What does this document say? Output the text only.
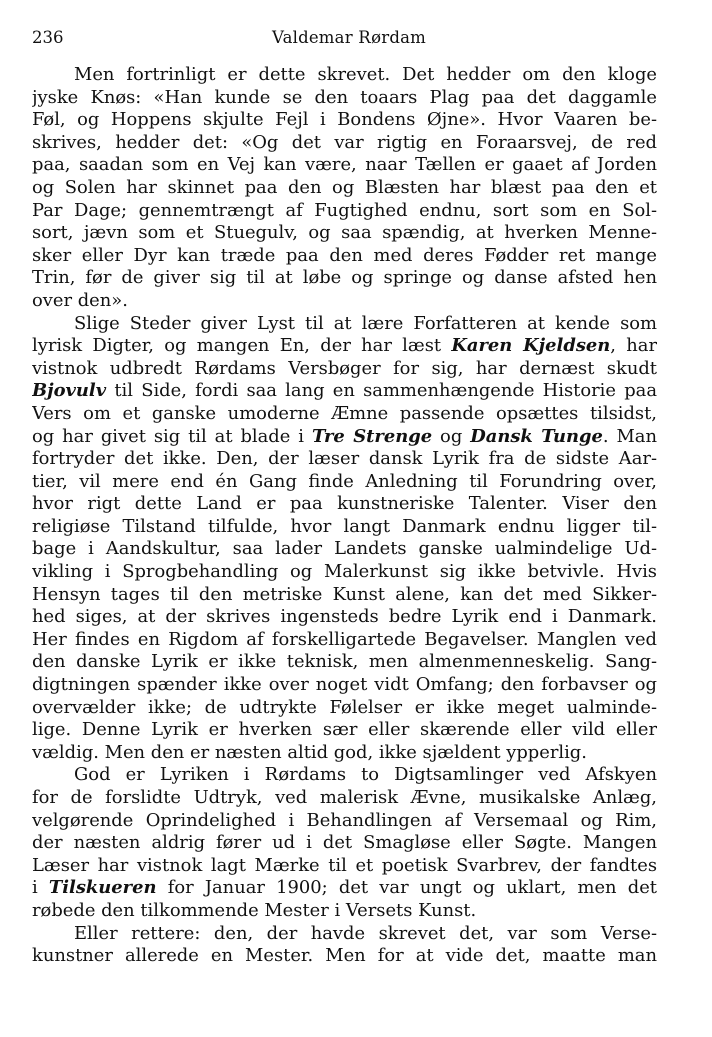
236	Valdemar Rørdam
Men fortrinligt er dette skrevet. Det hedder om den kloge
jyske Knøs: «Han kunde se den toaars Plag paa det daggamle
Føl, og Hoppens skjulte Fejl i Bondens Øjne». Hvor Vaaren be-
skrives, hedder det: «Og det var rigtig en Foraarsvej, de red
paa, saadan som en Vej kan være, naar Tællen er gaaet af Jorden
og Solen har skinnet paa den og Blæsten har blæst paa den et
Par Dage; gennemtrængt af Fugtighed endnu, sort som en Sol-
sort, jævn som et Stuegulv, og saa spændig, at hverken Menne-
sker eller Dyr kan træde paa den med deres Fødder ret mange
Trin, før de giver sig til at løbe og springe og danse afsted hen
over den».
Slige Steder giver Lyst til at lære Forfatteren at kende som
lyrisk Digter, og mangen En, der har læst Karen Kjeldsen, har
vistnok udbredt Rørdams Versbøger for sig, har dernæst skudt
Bjovulv til Side, fordi saa lang en sammenhængende Historie paa
Vers om et ganske umoderne Æmne passende opsættes tilsidst,
og har givet sig til at blade i Tre Strenge og Dansk Tunge. Man
fortryder det ikke. Den, der læser dansk Lyrik fra de sidste Aar-
tier, vil mere end én Gang finde Anledning til Forundring over,
hvor rigt dette Land er paa kunstneriske Talenter. Viser den
religiøse Tilstand tilfulde, hvor langt Danmark endnu ligger til-
bage i Aandskultur, saa lader Landets ganske ualmindelige Ud-
vikling i Sprogbehandling og Malerkunst sig ikke betvivle. Hvis
Hensyn tages til den metriske Kunst alene, kan det med Sikker-
hed siges, at der skrives ingensteds bedre Lyrik end i Danmark.
Her findes en Rigdom af forskelligartede Begavelser. Manglen ved
den danske Lyrik er ikke teknisk, men almenmenneskelig. Sang-
digtningen spænder ikke over noget vidt Omfang; den forbavser og
overvælder ikke; de udtrykte Følelser er ikke meget ualminde-
lige. Denne Lyrik er hverken sær eller skærende eller vild eller
vældig. Men den er næsten altid god, ikke sjældent ypperlig.
God er Lyriken i Rørdams to Digtsamlinger ved Afskyen
for de forslidte Udtryk, ved malerisk Ævne, musikalske Anlæg,
velgørende Oprindelighed i Behandlingen af Versemaal og Rim,
der næsten aldrig fører ud i det Smagløse eller Søgte. Mangen
Læser har vistnok lagt Mærke til et poetisk Svarbrev, der fandtes
i Tilskueren for Januar 1900; det var ungt og uklart, men det
røbede den tilkommende Mester i Versets Kunst.
Eller rettere: den, der havde skrevet det, var som Verse-
kunstner allerede en Mester. Men for at vide det, maatte man
